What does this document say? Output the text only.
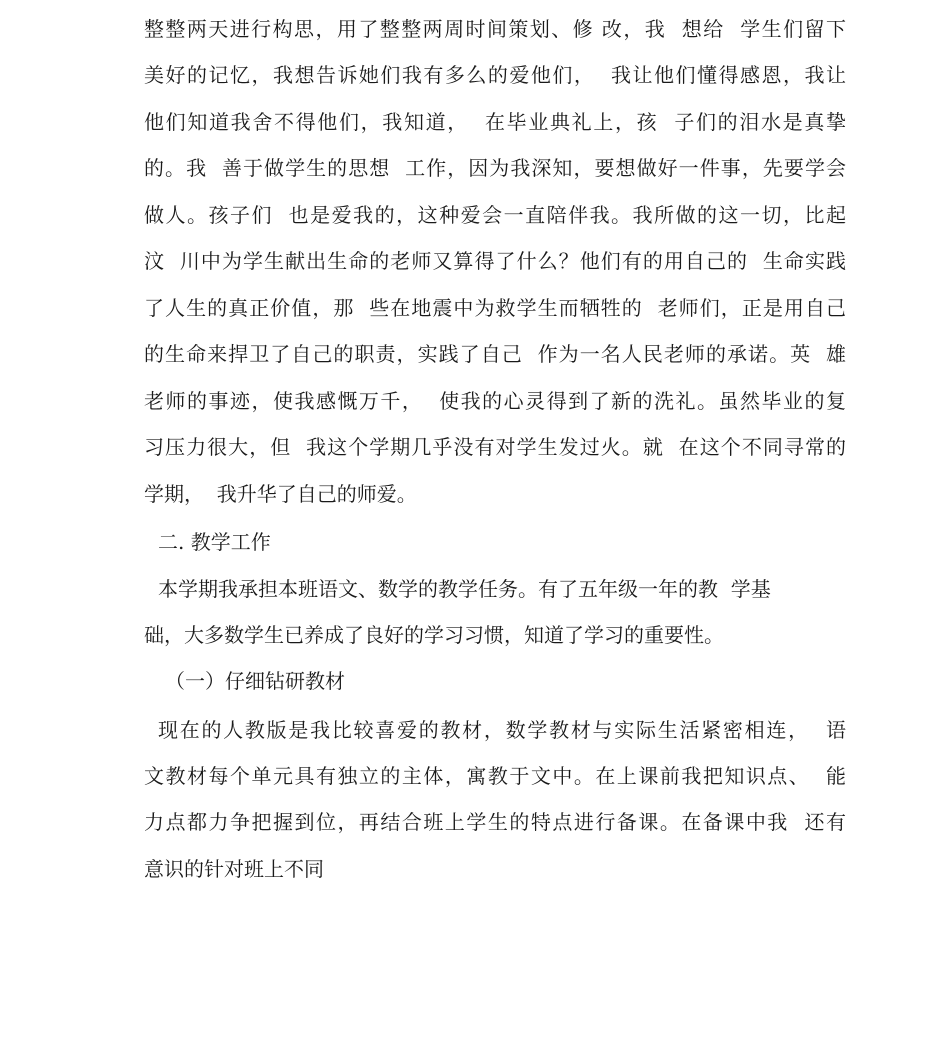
整整两天进行构思，用了整整两周时间策划、修 改，我  想给  学生们留下
美好的记忆，我想告诉她们我有多么的爱他们，  我让他们懂得感恩，我让
他们知道我舍不得他们，我知道，  在毕业典礼上，孩  子们的泪水是真挚
的。我  善于做学生的思想  工作，因为我深知，要想做好一件事，先要学会
做人。孩子们  也是爱我的，这种爱会一直陪伴我。我所做的这一切，比起
汶  川中为学生献出生命的老师又算得了什么？他们有的用自己的  生命实践
了人生的真正价值，那  些在地震中为救学生而牺牲的  老师们，正是用自己
的生命来捍卫了自己的职责，实践了自己  作为一名人民老师的承诺。英  雄
老师的事迹，使我感慨万千，  使我的心灵得到了新的洗礼。虽然毕业的复
习压力很大，但  我这个学期几乎没有对学生发过火。就  在这个不同寻常的
学期，  我升华了自己的师爱。
二. 教学工作
本学期我承担本班语文、数学的教学任务。有了五年级一年的教  学基
础，大多数学生已养成了良好的学习习惯，知道了学习的重要性。
（一）仔细钻研教材
现在的人教版是我比较喜爱的教材，数学教材与实际生活紧密相连，  语
文教材每个单元具有独立的主体，寓教于文中。在上课前我把知识点、  能
力点都力争把握到位，再结合班上学生的特点进行备课。在备课中我  还有
意识的针对班上不同
